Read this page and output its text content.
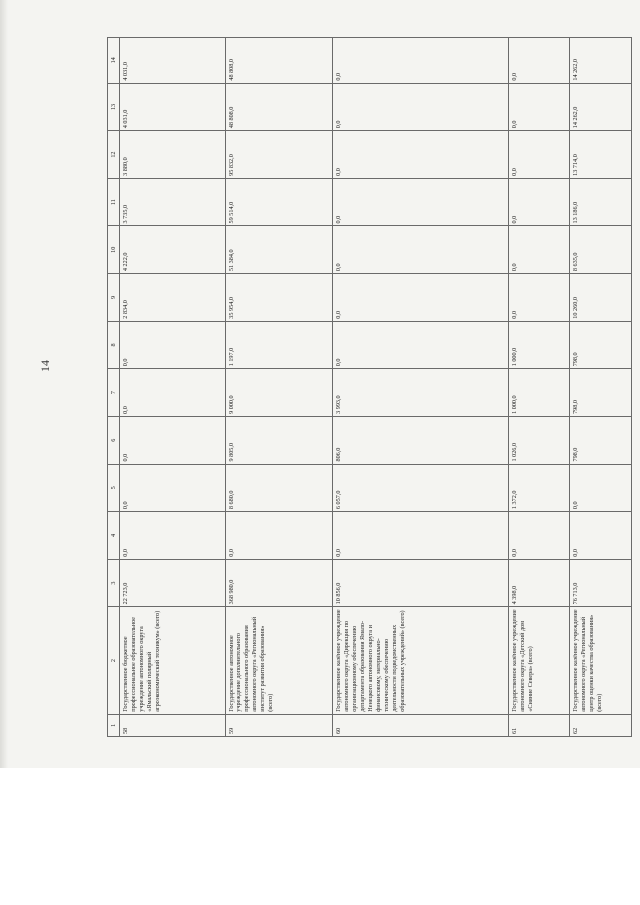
14
1	2	3	4	5	6	7	8	9	10	11	12	13	14
58	Государственное бюджетное профессиональное образовательное учреждение автономного округа «Ямальский полярный агроэкономический техникум» (всего)	22 723,0	0,0	0,0	0,0	0,0	0,0	2 834,0	4 222,0	3 735,0	3 880,0	4 031,0	4 031,0
59	Государственное автономное учреждение дополнительного профессионального образования автономного округа «Региональный институт развития образования» (всего)	368 980,0	0,0	8 680,0	9 805,0	9 000,0	1 197,0	35 954,0	51 384,0	59 514,0	95 832,0	48 808,0	48 808,0
60	Государственное казённое учреждение автономного округа «Дирекция по организационному обеспечению департамента образования Ямало-Ненецкого автономного округа и финансовому, материально-техническому обеспечению деятельности подведомственных образовательных учреждений» (всего)	10 856,0	0,0	6 057,0	806,0	3 993,0	0,0	0,0	0,0	0,0	0,0	0,0	0,0
61	Государственное казённое учреждение автономного округа «Детский дом «Сияние Севера» (всего)	4 398,0	0,0	1 372,0	1 026,0	1 000,0	1 000,0	0,0	0,0	0,0	0,0	0,0	0,0
62	Государственное казённое учреждение автономного округа «Региональный центр оценки качества образования» (всего)	76 713,0	0,0	0,0	798,0	798,0	798,0	10 260,0	8 635,0	13 186,0	13 714,0	14 262,0	14 262,0
